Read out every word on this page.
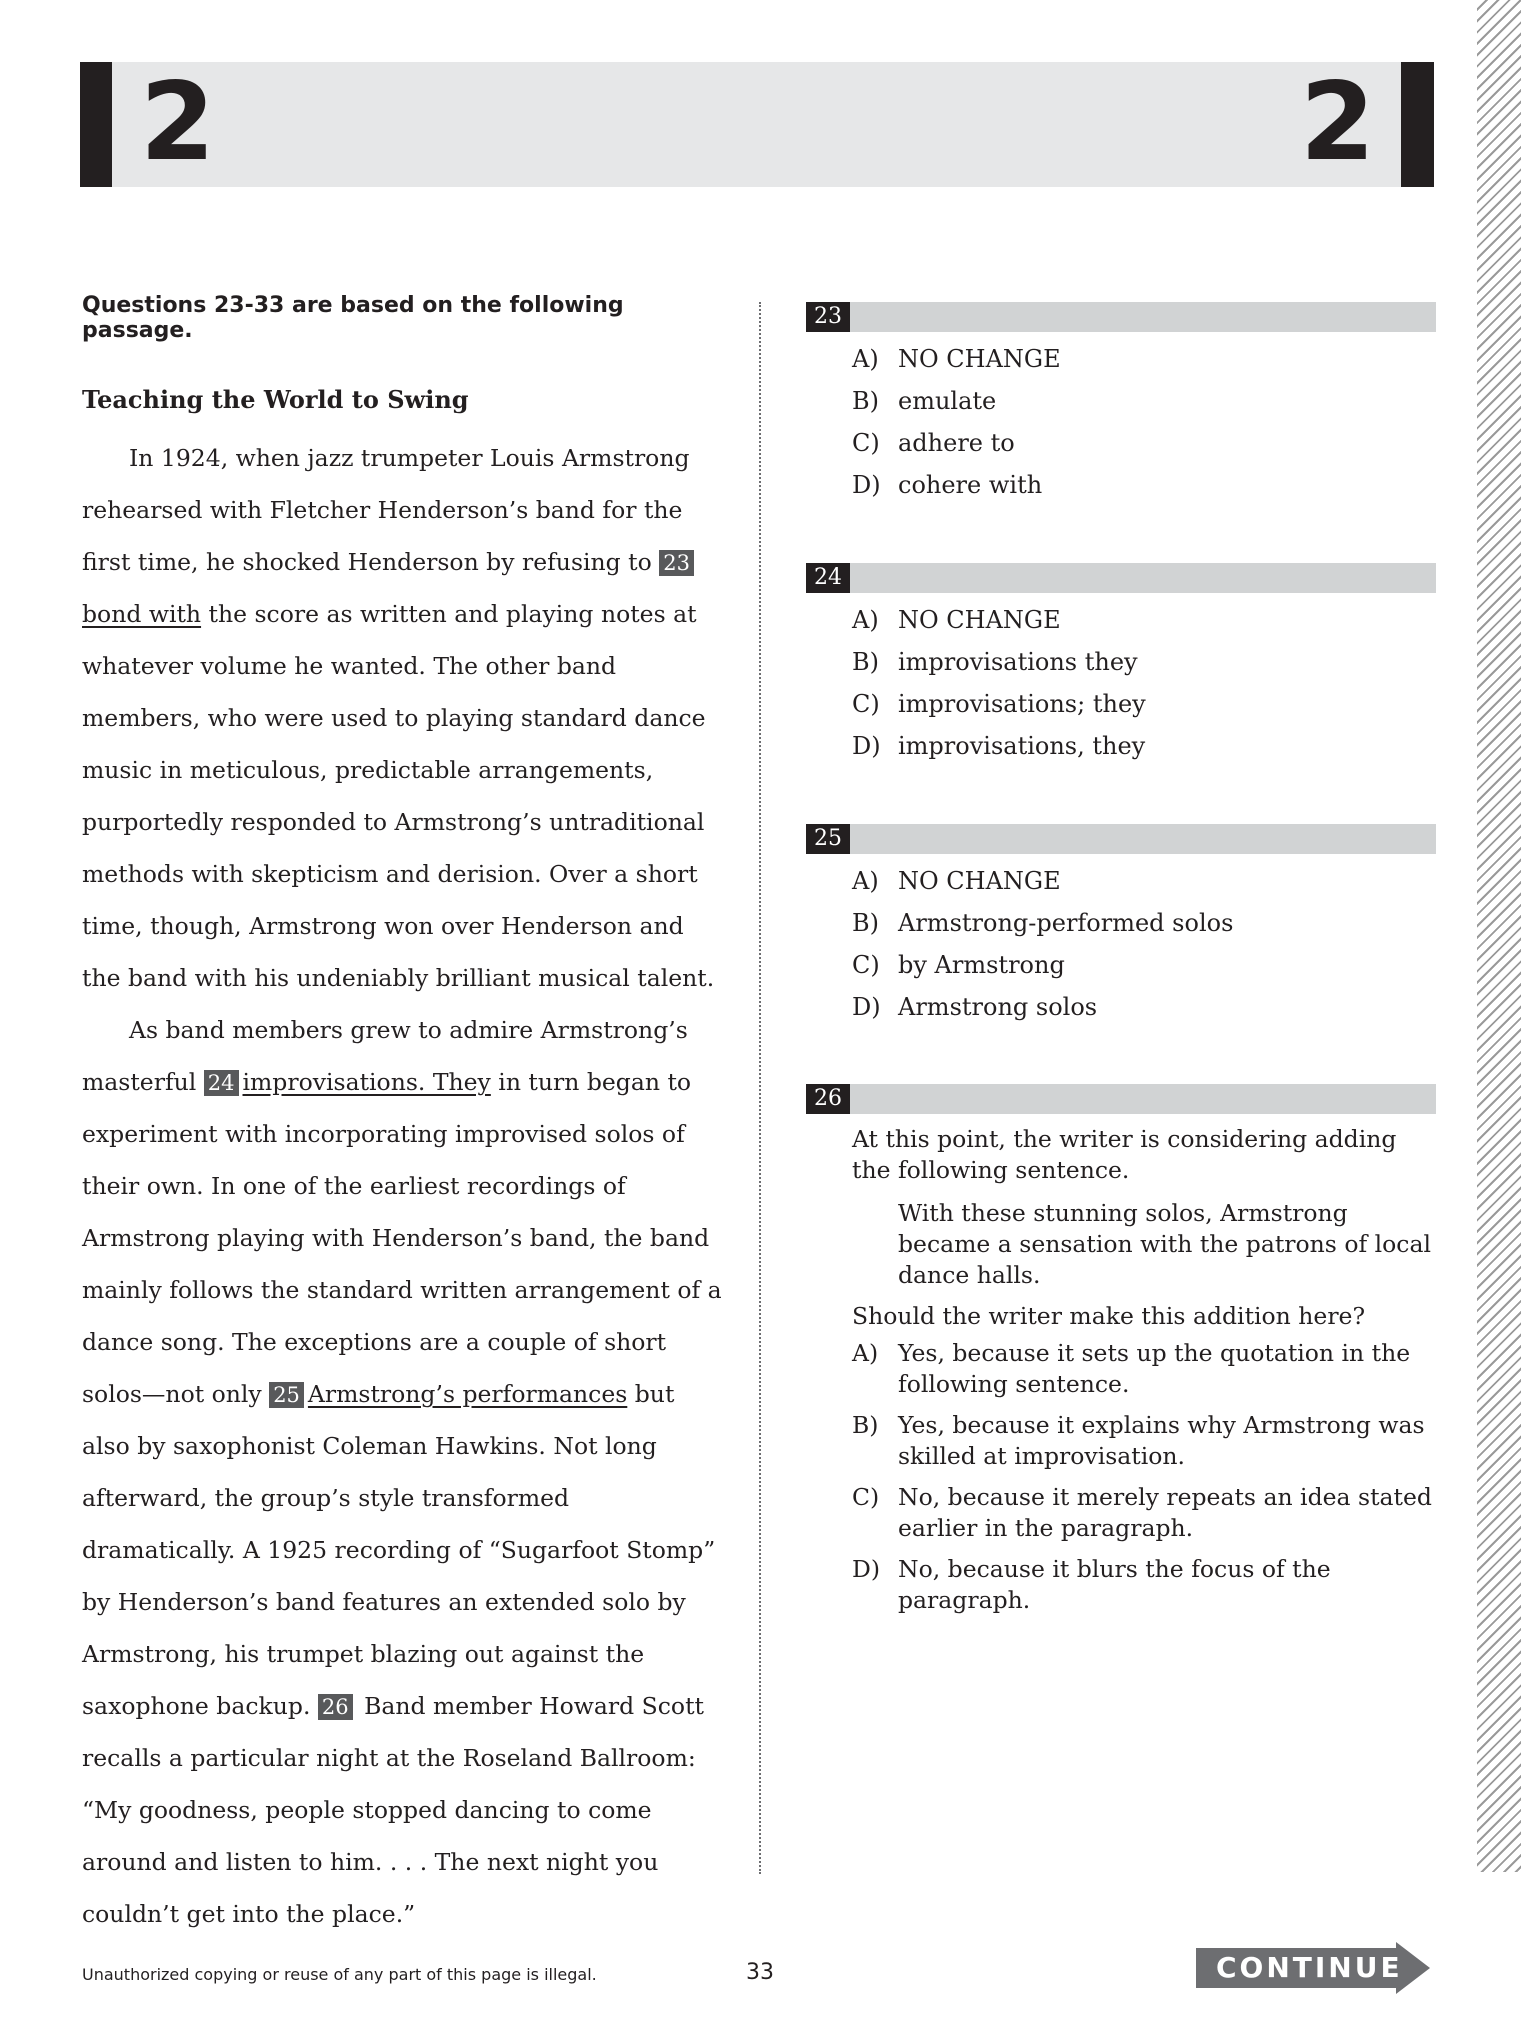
2	2
Questions 23-33 are based on the following passage.
Teaching the World to Swing

In 1924, when jazz trumpeter Louis Armstrong rehearsed with Fletcher Henderson’s band for the first time, he shocked Henderson by refusing to 23bond with the score as written and playing notes at whatever volume he wanted. The other band members, who were used to playing standard dance music in meticulous, predictable arrangements, purportedly responded to Armstrong’s untraditional methods with skepticism and derision. Over a short time, though, Armstrong won over Henderson and the band with his undeniably brilliant musical talent.

As band members grew to admire Armstrong’s masterful 24 improvisations. They in turn began to experiment with incorporating improvised solos of their own. In one of the earliest recordings of Armstrong playing with Henderson’s band, the band mainly follows the standard written arrangement of a dance song. The exceptions are a couple of short solos—not only 25 Armstrong’s performances but also by saxophonist Coleman Hawkins. Not long afterward, the group’s style transformed dramatically. A 1925 recording of “Sugarfoot Stomp” by Henderson’s band features an extended solo by Armstrong, his trumpet blazing out against the saxophone backup. 26 Band member Howard Scott recalls a particular night at the Roseland Ballroom: “My goodness, people stopped dancing to come around and listen to him. . . . The next night you couldn’t get into the place.”

23
A) NO CHANGE
B) emulate
C) adhere to
D) cohere with
24
A) NO CHANGE
B) improvisations they
C) improvisations; they
D) improvisations, they
25
A) NO CHANGE
B) Armstrong-performed solos
C) by Armstrong
D) Armstrong solos
26
At this point, the writer is considering adding the following sentence.
With these stunning solos, Armstrong became a sensation with the patrons of local dance halls.
Should the writer make this addition here?
A) Yes, because it sets up the quotation in the following sentence.
B) Yes, because it explains why Armstrong was skilled at improvisation.
C) No, because it merely repeats an idea stated earlier in the paragraph.
D) No, because it blurs the focus of the paragraph.
Unauthorized copying or reuse of any part of this page is illegal.	33	CONTINUE
